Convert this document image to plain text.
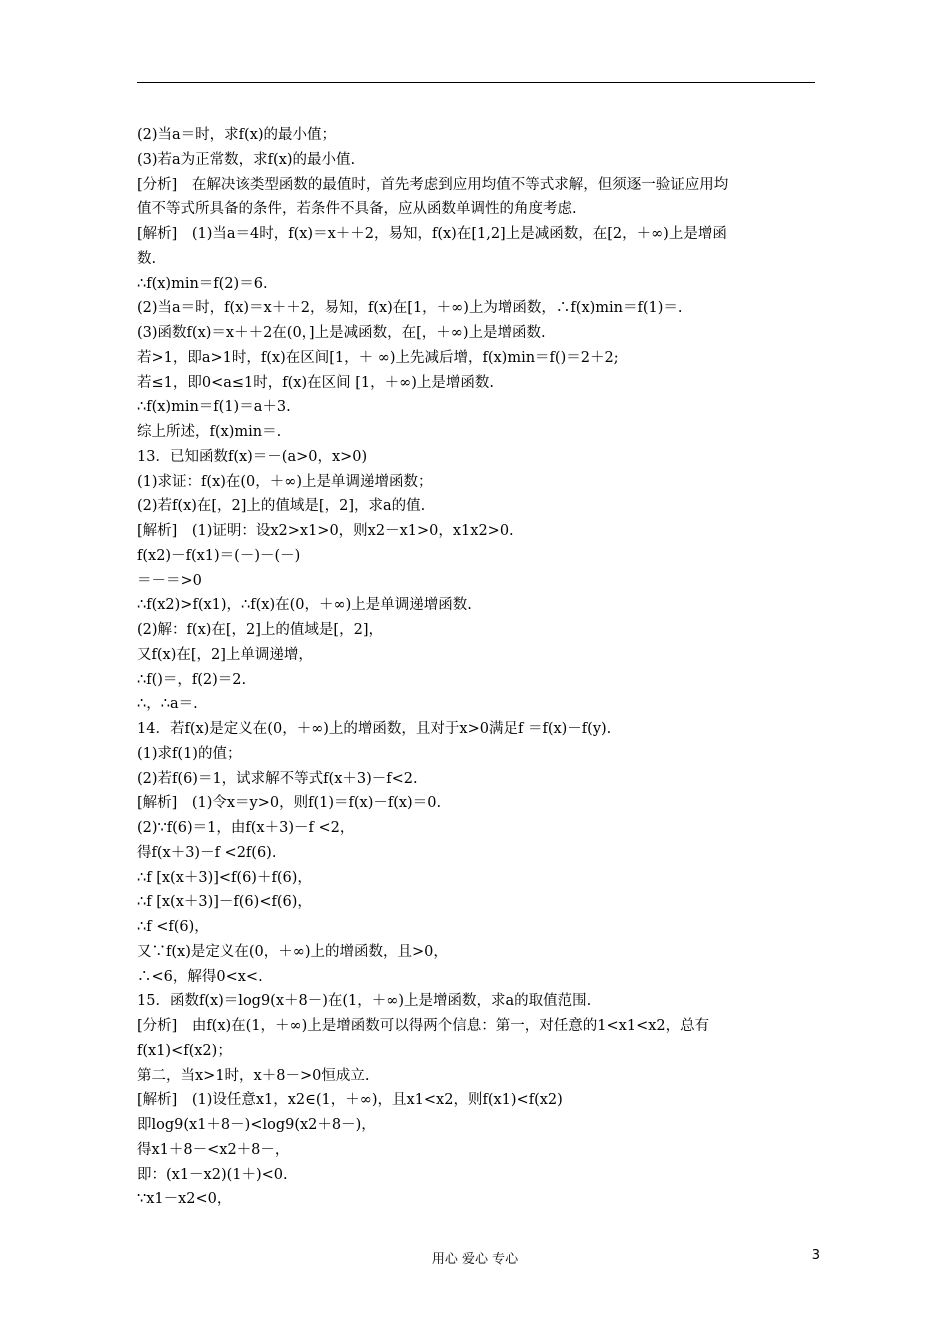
(2)当a＝时，求f(x)的最小值；
(3)若a为正常数，求f(x)的最小值.
[分析]　在解决该类型函数的最值时，首先考虑到应用均值不等式求解，但须逐一验证应用均
值不等式所具备的条件，若条件不具备，应从函数单调性的角度考虑.
[解析]　(1)当a＝4时，f(x)＝x＋＋2，易知，f(x)在[1,2]上是减函数，在[2，＋∞)上是增函
数.
∴f(x)min＝f(2)＝6.
(2)当a＝时，f(x)＝x＋＋2，易知，f(x)在[1，＋∞)上为增函数，∴f(x)min＝f(1)＝.
(3)函数f(x)＝x＋＋2在(0，]上是减函数，在[，＋∞)上是增函数.
若>1，即a>1时，f(x)在区间[1，＋ ∞)上先减后增，f(x)min＝f()＝2＋2;
若≤1，即0<a≤1时，f(x)在区间 [1，＋∞)上是增函数.
∴f(x)min＝f(1)＝a＋3.
综上所述，f(x)min＝.
13．已知函数f(x)＝－(a>0，x>0)
(1)求证：f(x)在(0，＋∞)上是单调递增函数；
(2)若f(x)在[，2]上的值域是[，2]，求a的值.
[解析]　(1)证明：设x2>x1>0，则x2－x1>0，x1x2>0.
f(x2)－f(x1)＝(－)－(－)
＝－＝>0
∴f(x2)>f(x1)，∴f(x)在(0，＋∞)上是单调递增函数.
(2)解：f(x)在[，2]上的值域是[，2]，
又f(x)在[，2]上单调递增，
∴f()＝，f(2)＝2.
∴，∴a＝.
14．若f(x)是定义在(0，＋∞)上的增函数，且对于x>0满足f ＝f(x)－f(y).
(1)求f(1)的值；
(2)若f(6)＝1，试求解不等式f(x＋3)－f<2.
[解析]　(1)令x＝y>0，则f(1)＝f(x)－f(x)＝0.
(2)∵f(6)＝1，由f(x＋3)－f <2，
得f(x＋3)－f <2f(6).
∴f [x(x＋3)]<f(6)＋f(6)，
∴f [x(x＋3)]－f(6)<f(6)，
∴f <f(6)，
又∵f(x)是定义在(0，＋∞)上的增函数，且>0，
∴<6，解得0<x<.
15．函数f(x)＝log9(x＋8－)在(1，＋∞)上是增函数，求a的取值范围.
[分析]　由f(x)在(1，＋∞)上是增函数可以得两个信息：第一，对任意的1<x1<x2，总有
f(x1)<f(x2)；
第二，当x>1时，x＋8－>0恒成立.
[解析]　(1)设任意x1，x2∈(1，＋∞)，且x1<x2，则f(x1)<f(x2)
即log9(x1＋8－)<log9(x2＋8－)，
得x1＋8－<x2＋8－，
即：(x1－x2)(1＋)<0.
∵x1－x2<0，
用心 爱心 专心	3
